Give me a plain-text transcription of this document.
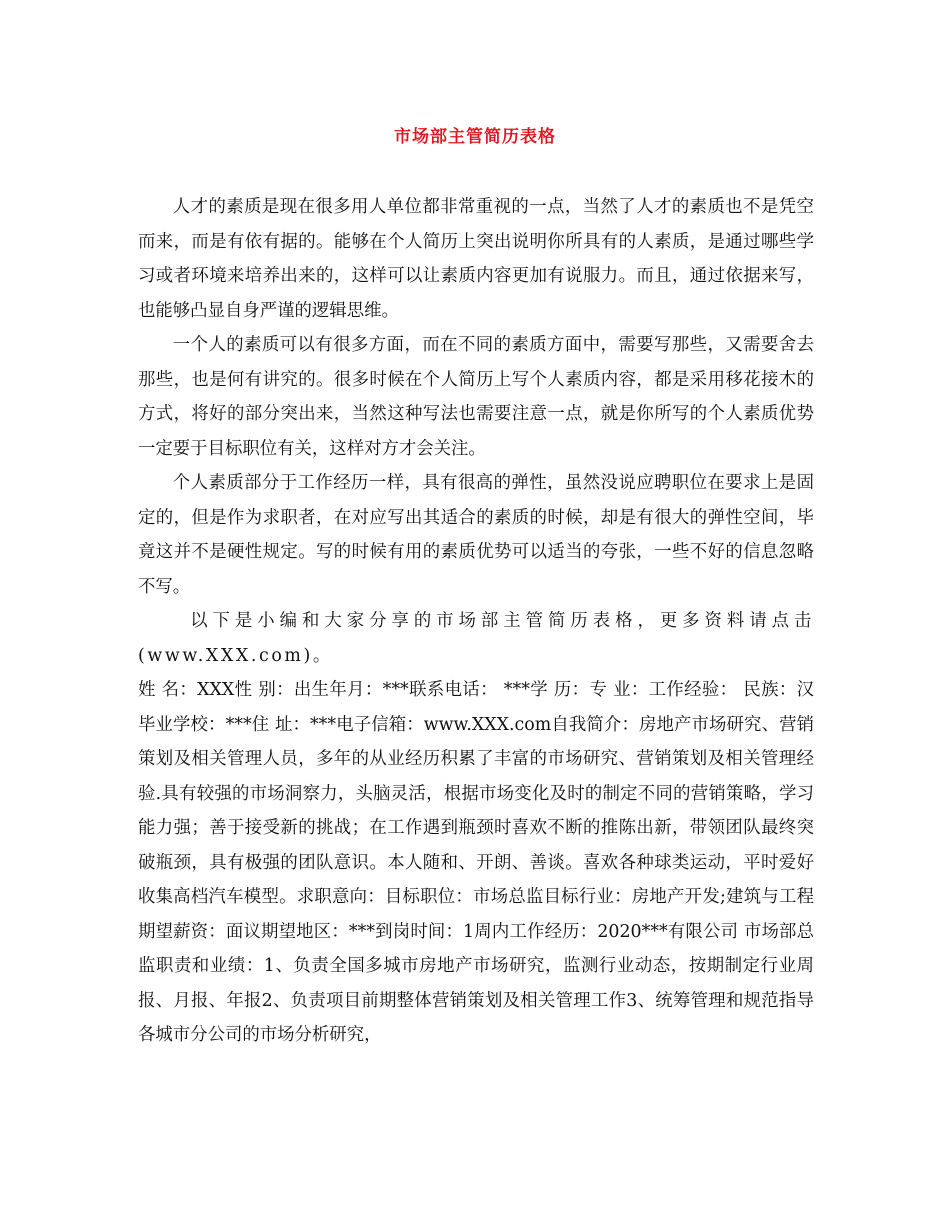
市场部主管简历表格

人才的素质是现在很多用人单位都非常重视的一点，当然了人才的素质也不是凭空而来，而是有依有据的。能够在个人简历上突出说明你所具有的人素质，是通过哪些学习或者环境来培养出来的，这样可以让素质内容更加有说服力。而且，通过依据来写，也能够凸显自身严谨的逻辑思维。

一个人的素质可以有很多方面，而在不同的素质方面中，需要写那些，又需要舍去那些，也是何有讲究的。很多时候在个人简历上写个人素质内容，都是采用移花接木的方式，将好的部分突出来，当然这种写法也需要注意一点，就是你所写的个人素质优势一定要于目标职位有关，这样对方才会关注。

个人素质部分于工作经历一样，具有很高的弹性，虽然没说应聘职位在要求上是固定的，但是作为求职者，在对应写出其适合的素质的时候，却是有很大的弹性空间，毕竟这并不是硬性规定。写的时候有用的素质优势可以适当的夸张，一些不好的信息忽略不写。

以下是小编和大家分享的市场部主管简历表格，更多资料请点击(www.XXX.com)。

姓 名：XXX性 别：出生年月：***联系电话： ***学 历：专 业：工作经验： 民族：汉毕业学校：***住 址：***电子信箱：www.XXX.com自我简介：房地产市场研究、营销策划及相关管理人员，多年的从业经历积累了丰富的市场研究、营销策划及相关管理经验.具有较强的市场洞察力，头脑灵活，根据市场变化及时的制定不同的营销策略，学习能力强；善于接受新的挑战；在工作遇到瓶颈时喜欢不断的推陈出新，带领团队最终突破瓶颈，具有极强的团队意识。本人随和、开朗、善谈。喜欢各种球类运动，平时爱好收集高档汽车模型。求职意向：目标职位：市场总监目标行业：房地产开发;建筑与工程期望薪资：面议期望地区：***到岗时间：1周内工作经历：2020***有限公司 市场部总监职责和业绩：1、负责全国多城市房地产市场研究，监测行业动态，按期制定行业周报、月报、年报2、负责项目前期整体营销策划及相关管理工作3、统筹管理和规范指导各城市分公司的市场分析研究，
